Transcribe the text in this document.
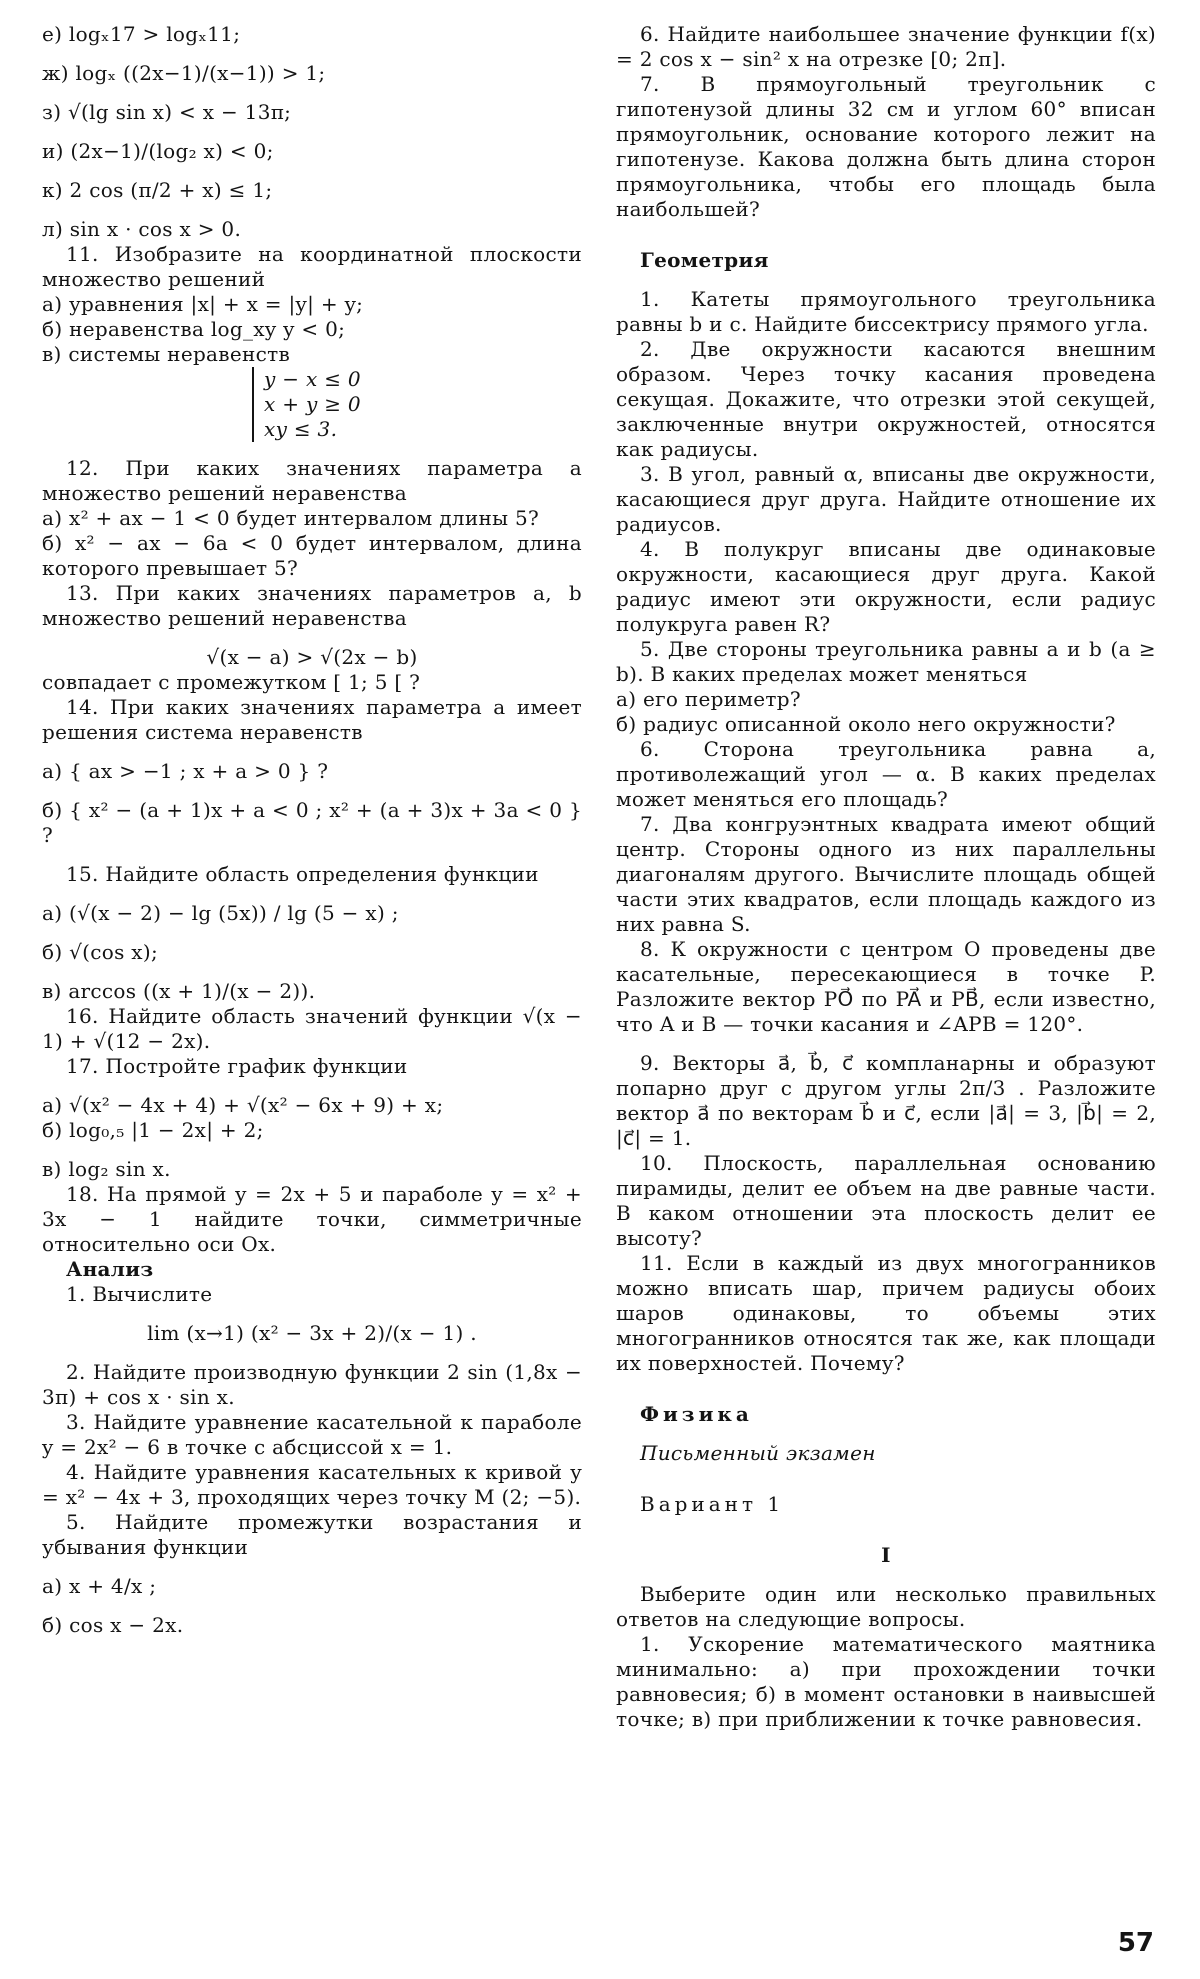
е) logₓ17 > logₓ11;

ж) logₓ ((2x−1)/(x−1)) > 1;

з) √(lg sin x) < x − 13π;

и) (2x−1)/(log₂ x) < 0;

к) 2 cos (π/2 + x) ≤ 1;

л) sin x · cos x > 0.

11. Изобразите на координатной плоскости множество решений

а) уравнения |x| + x = |y| + y;

б) неравенства log_xy y < 0;

в) системы неравенств

y − x ≤ 0
x + y ≥ 0
xy ≤ 3.

12. При каких значениях параметра a множество решений неравенства

а) x² + ax − 1 < 0 будет интервалом длины 5?

б) x² − ax − 6a < 0 будет интервалом, длина которого превышает 5?

13. При каких значениях параметров a, b множество решений неравенства

√(x − a) > √(2x − b)

совпадает с промежутком [ 1; 5 [ ?

14. При каких значениях параметра a имеет решения система неравенств

а) { ax > −1 ; x + a > 0 } ?

б) { x² − (a + 1)x + a < 0 ; x² + (a + 3)x + 3a < 0 } ?

15. Найдите область определения функции

а) (√(x − 2) − lg (5x)) / lg (5 − x) ;

б) √(cos x);

в) arccos ((x + 1)/(x − 2)).

16. Найдите область значений функции √(x − 1) + √(12 − 2x).

17. Постройте график функции

а) √(x² − 4x + 4) + √(x² − 6x + 9) + x;

б) log₀,₅ |1 − 2x| + 2;

в) log₂ sin x.

18. На прямой y = 2x + 5 и параболе y = x² + 3x − 1 найдите точки, симметричные относительно оси Ox.

Анализ

1. Вычислите

lim (x→1) (x² − 3x + 2)/(x − 1) .

2. Найдите производную функции 2 sin (1,8x − 3π) + cos x · sin x.

3. Найдите уравнение касательной к параболе y = 2x² − 6 в точке с абсциссой x = 1.

4. Найдите уравнения касательных к кривой y = x² − 4x + 3, проходящих через точку M (2; −5).

5. Найдите промежутки возрастания и убывания функции

а) x + 4/x ;

б) cos x − 2x.

6. Найдите наибольшее значение функции f(x) = 2 cos x − sin² x на отрезке [0; 2π].

7. В прямоугольный треугольник с гипотенузой длины 32 см и углом 60° вписан прямоугольник, основание которого лежит на гипотенузе. Какова должна быть длина сторон прямоугольника, чтобы его площадь была наибольшей?

Геометрия

1. Катеты прямоугольного треугольника равны b и c. Найдите биссектрису прямого угла.

2. Две окружности касаются внешним образом. Через точку касания проведена секущая. Докажите, что отрезки этой секущей, заключенные внутри окружностей, относятся как радиусы.

3. В угол, равный α, вписаны две окружности, касающиеся друг друга. Найдите отношение их радиусов.

4. В полукруг вписаны две одинаковые окружности, касающиеся друг друга. Какой радиус имеют эти окружности, если радиус полукруга равен R?

5. Две стороны треугольника равны a и b (a ≥ b). В каких пределах может меняться

а) его периметр?

б) радиус описанной около него окружности?

6. Сторона треугольника равна a, противолежащий угол — α. В каких пределах может меняться его площадь?

7. Два конгруэнтных квадрата имеют общий центр. Стороны одного из них параллельны диагоналям другого. Вычислите площадь общей части этих квадратов, если площадь каждого из них равна S.

8. К окружности с центром O проведены две касательные, пересекающиеся в точке P. Разложите вектор PO⃗ по PA⃗ и PB⃗, если известно, что A и B — точки касания и ∠APB = 120°.

9. Векторы a⃗, b⃗, c⃗ компланарны и образуют попарно друг с другом углы 2π/3 . Разложите вектор a⃗ по векторам b⃗ и c⃗, если |a⃗| = 3, |b⃗| = 2, |c⃗| = 1.

10. Плоскость, параллельная основанию пирамиды, делит ее объем на две равные части. В каком отношении эта плоскость делит ее высоту?

11. Если в каждый из двух многогранников можно вписать шар, причем радиусы обоих шаров одинаковы, то объемы этих многогранников относятся так же, как площади их поверхностей. Почему?

Физика

Письменный экзамен

Вариант 1

I

Выберите один или несколько правильных ответов на следующие вопросы.

1. Ускорение математического маятника минимально: а) при прохождении точки равновесия; б) в момент остановки в наивысшей точке; в) при приближении к точке равновесия.

57
